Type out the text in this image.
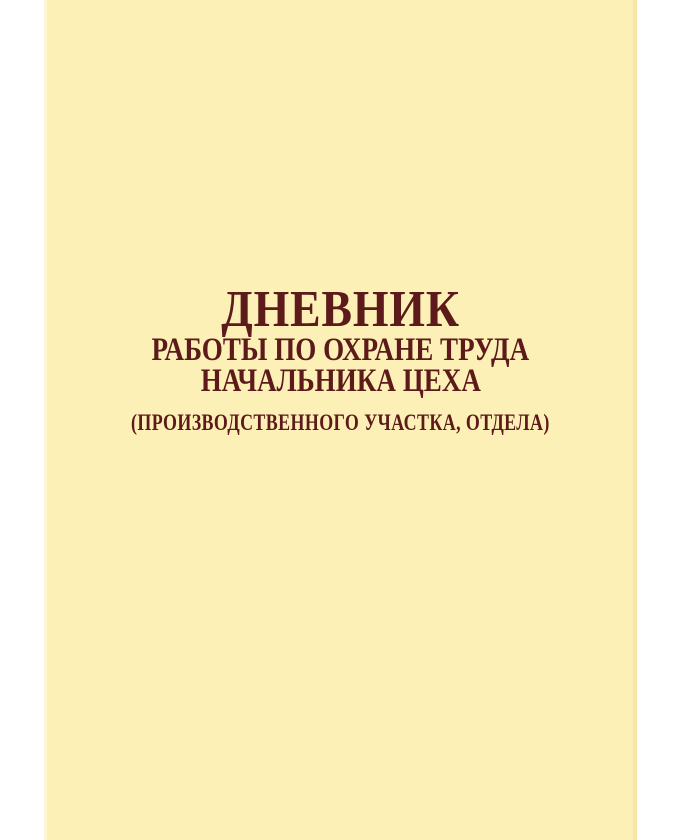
ДНЕВНИК
РАБОТЫ ПО ОХРАНЕ ТРУДА
НАЧАЛЬНИКА ЦЕХА
(ПРОИЗВОДСТВЕННОГО УЧАСТКА, ОТДЕЛА)
